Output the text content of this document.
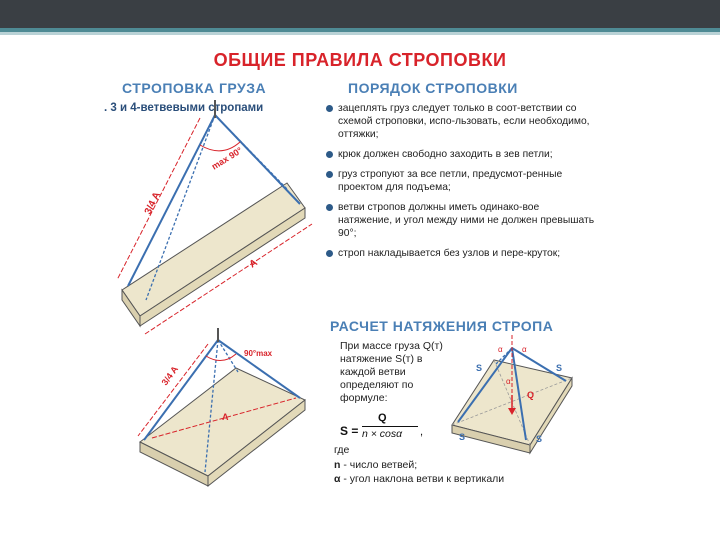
ОБЩИЕ ПРАВИЛА СТРОПОВКИ
СТРОПОВКА ГРУЗА
. 3 и 4-ветвевыми стропами
ПОРЯДОК СТРОПОВКИ
max 90°
3/4 A
A
90°max
3/4 A
A
зацеплять груз следует только в соот-ветствии со схемой строповки, испо-льзовать, если необходимо, оттяжки;
крюк должен свободно заходить в зев петли;
груз стропуют за все петли, предусмот-ренные проектом для подъема;
ветви стропов должны иметь одинако-вое натяжение, и угол между ними не должен превышать 90°;
строп накладывается без узлов и пере-круток;
РАСЧЕТ НАТЯЖЕНИЯ СТРОПА
При массе груза Q(т) натяжение S(т) в каждой ветви определяют по формуле:
S =
Q
n × cosα ,
где
n - число ветвей;
α - угол наклона ветви к вертикали
α α
α
S	S
S	S
Q
